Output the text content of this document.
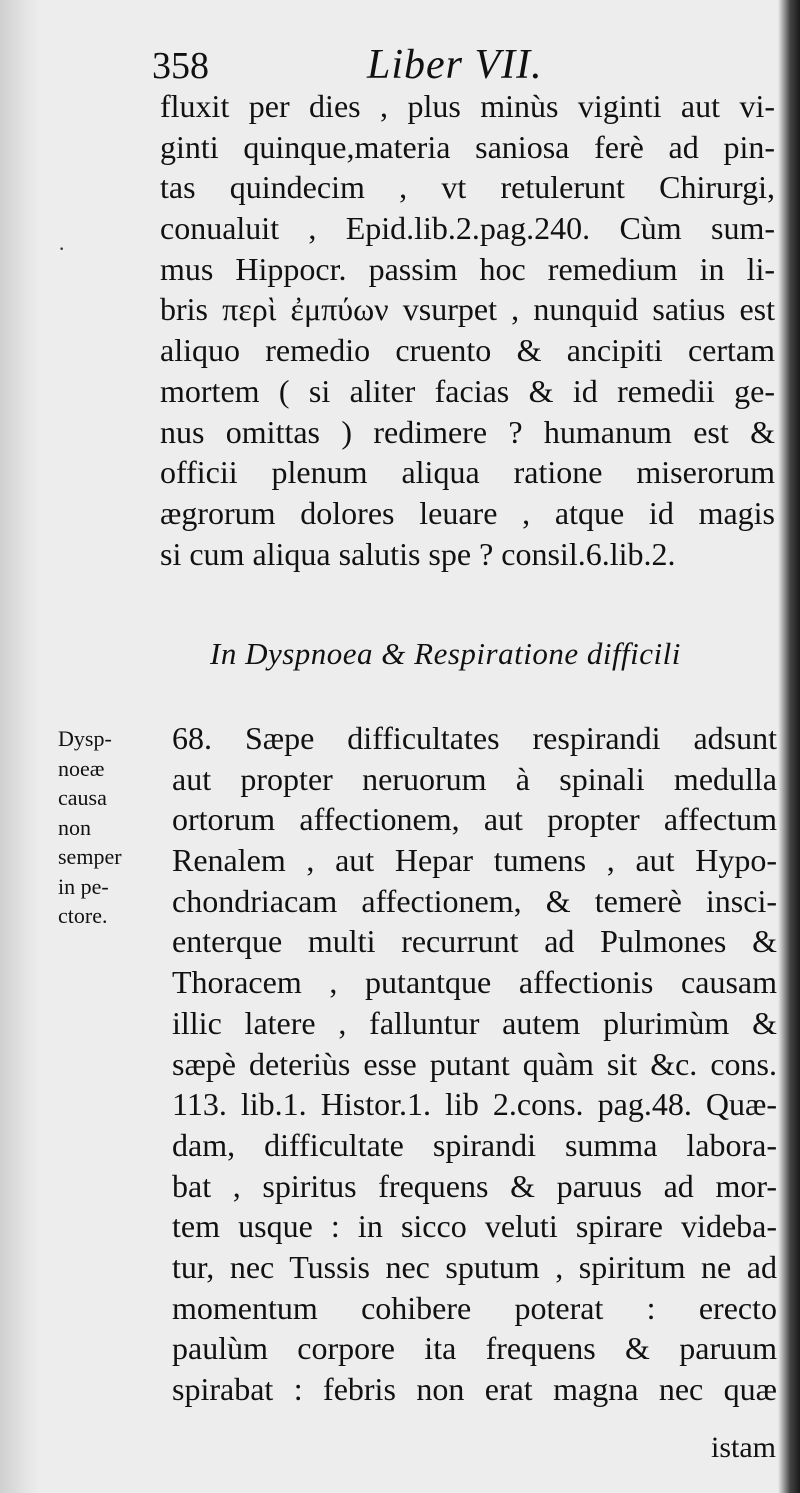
·
358	Liber VII.
fluxit per dies , plus minùs viginti aut vi-
ginti quinque,materia saniosa ferè ad pin-
tas quindecim , vt retulerunt Chirurgi,
conualuit , Epid.lib.2.pag.240. Cùm sum-
mus Hippocr. passim hoc remedium in li-
bris περὶ ἐμπύων vsurpet , nunquid satius est
aliquo remedio cruento & ancipiti certam
mortem ( si aliter facias & id remedii ge-
nus omittas ) redimere ? humanum est &
officii plenum aliqua ratione miserorum
ægrorum dolores leuare , atque id magis
si cum aliqua salutis spe ? consil.6.lib.2.
In Dyspnoea & Respiratione difficili
Dysp-
noeæ
causa
non
semper
in pe-
ctore.
68. Sæpe difficultates respirandi adsunt
aut propter neruorum à spinali medulla
ortorum affectionem, aut propter affectum
Renalem , aut Hepar tumens , aut Hypo-
chondriacam affectionem, & temerè insci-
enterque multi recurrunt ad Pulmones &
Thoracem , putantque affectionis causam
illic latere , falluntur autem plurimùm &
sæpè deteriùs esse putant quàm sit &c. cons.
113. lib.1. Histor.1. lib 2.cons. pag.48. Quæ-
dam, difficultate spirandi summa labora-
bat , spiritus frequens & paruus ad mor-
tem usque : in sicco veluti spirare videba-
tur, nec Tussis nec sputum , spiritum ne ad
momentum cohibere poterat : erecto
paulùm corpore ita frequens & paruum
spirabat : febris non erat magna nec quæ
istam
